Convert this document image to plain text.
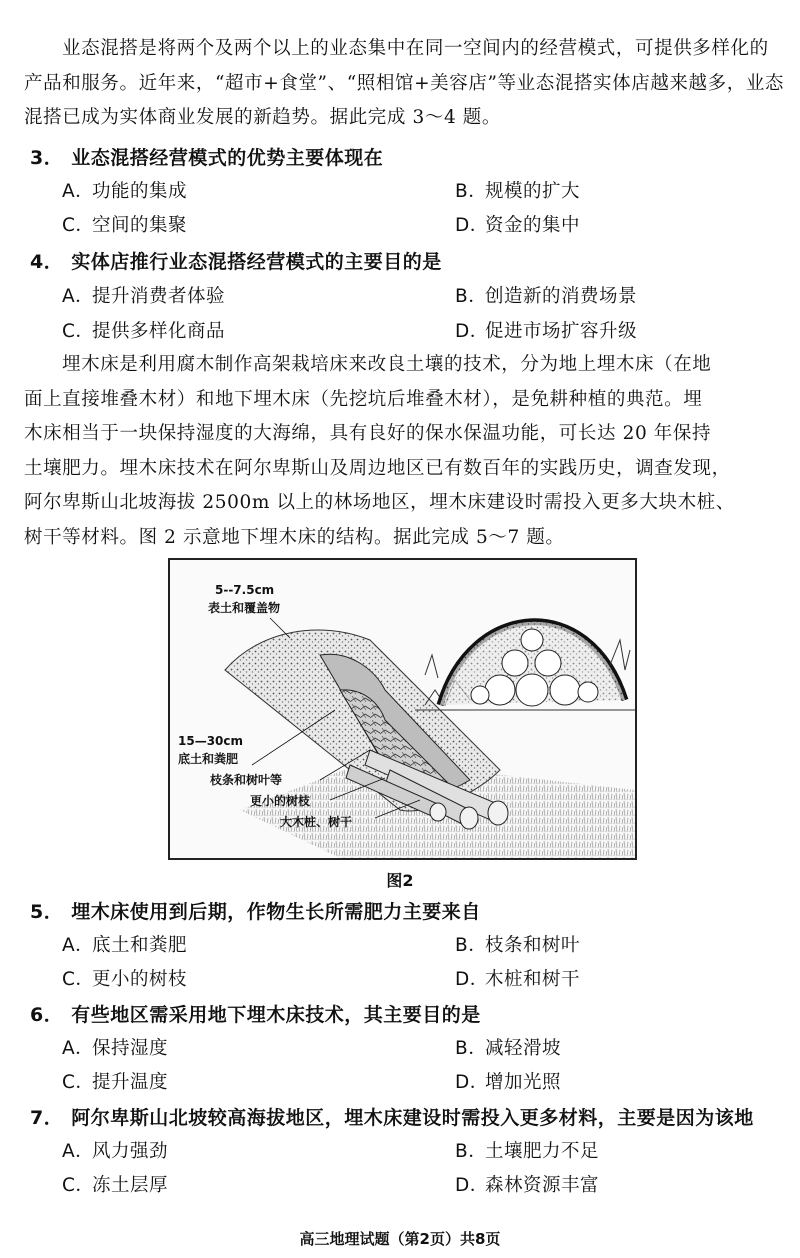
业态混搭是将两个及两个以上的业态集中在同一空间内的经营模式，可提供多样化的
产品和服务。近年来，“超市+食堂”、“照相馆+美容店”等业态混搭实体店越来越多，业态
混搭已成为实体商业发展的新趋势。据此完成 3～4 题。
3． 业态混搭经营模式的优势主要体现在
A．功能的集成	B．规模的扩大
C．空间的集聚	D．资金的集中
4． 实体店推行业态混搭经营模式的主要目的是
A．提升消费者体验	B．创造新的消费场景
C．提供多样化商品	D．促进市场扩容升级
埋木床是利用腐木制作高架栽培床来改良土壤的技术，分为地上埋木床（在地
面上直接堆叠木材）和地下埋木床（先挖坑后堆叠木材），是免耕种植的典范。埋
木床相当于一块保持湿度的大海绵，具有良好的保水保温功能，可长达 20 年保持
土壤肥力。埋木床技术在阿尔卑斯山及周边地区已有数百年的实践历史，调查发现，
阿尔卑斯山北坡海拔 2500m 以上的林场地区，埋木床建设时需投入更多大块木桩、
树干等材料。图 2 示意地下埋木床的结构。据此完成 5～7 题。
5--7.5cm
表土和覆盖物
15—30cm
底土和粪肥
枝条和树叶等
更小的树枝
大木桩、树干
图2
5． 埋木床使用到后期，作物生长所需肥力主要来自
A．底土和粪肥	B．枝条和树叶
C．更小的树枝	D．木桩和树干
6． 有些地区需采用地下埋木床技术，其主要目的是
A．保持湿度	B．减轻滑坡
C．提升温度	D．增加光照
7． 阿尔卑斯山北坡较高海拔地区，埋木床建设时需投入更多材料，主要是因为该地
A．风力强劲	B．土壤肥力不足
C．冻土层厚	D．森林资源丰富
高三地理试题（第2页）共8页
